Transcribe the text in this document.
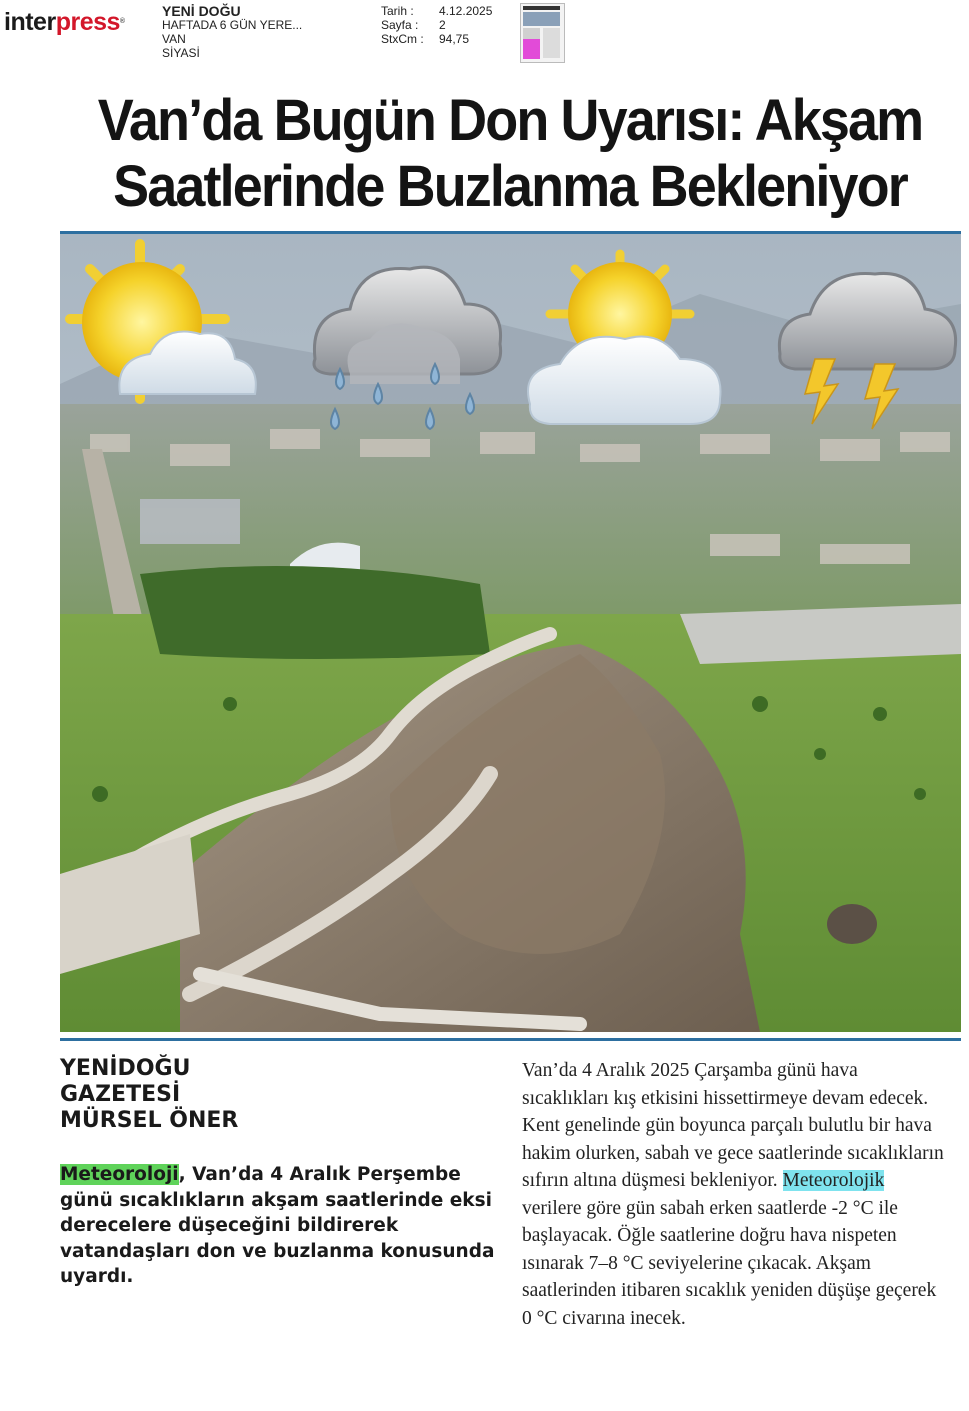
interpress®
YENİ DOĞU
HAFTADA 6 GÜN YERE...
VAN
SİYASİ
Tarih :	4.12.2025
Sayfa :	2
StxCm :	94,75
Van’da Bugün Don Uyarısı: Akşam
Saatlerinde Buzlanma Bekleniyor
YENİDOĞU
GAZETESİ
MÜRSEL ÖNER
Meteoroloji, Van’da 4 Aralık Perşembe günü sıcaklıkların akşam saatlerinde eksi derecelere düşeceğini bildirerek vatandaşları don ve buzlanma konusunda uyardı.
Van’da 4 Aralık 2025 Çarşamba günü hava sıcaklıkları kış etkisini hissettirmeye devam edecek. Kent genelinde gün boyunca parçalı bulutlu bir hava hakim olurken, sabah ve gece saatlerinde sıcaklıkların sıfırın altına düşmesi bekleniyor. Meteorolojik verilere göre gün sabah erken saatlerde -2 °C ile başlayacak. Öğle saatlerine doğru hava nispeten ısınarak 7–8 °C seviyelerine çıkacak. Akşam saatlerinden itibaren sıcaklık yeniden düşüşe geçerek 0 °C civarına inecek.
